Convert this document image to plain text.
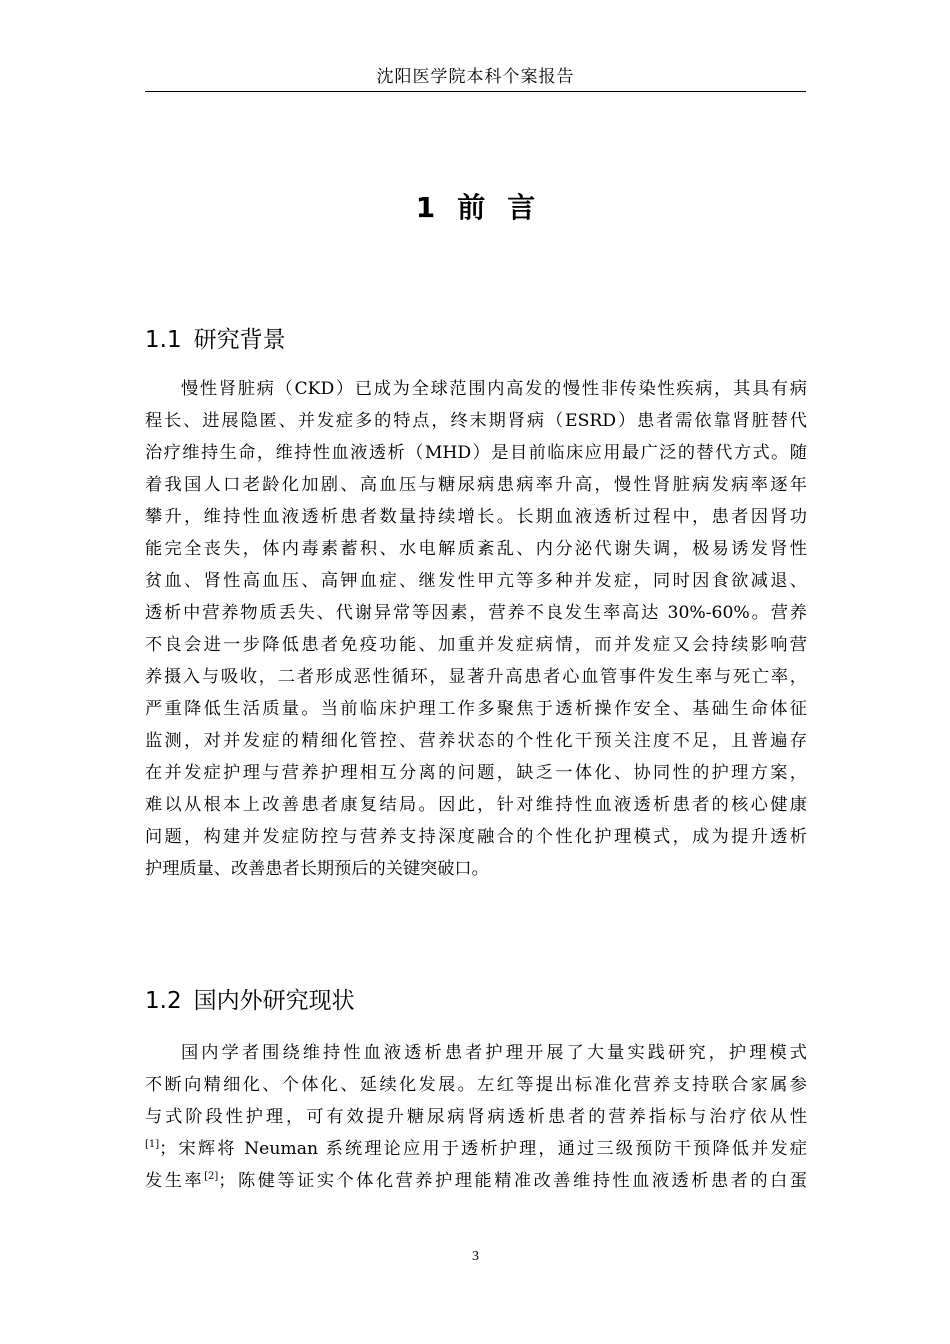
沈阳医学院本科个案报告
1 前言
1.1 研究背景
慢性肾脏病（CKD）已成为全球范围内高发的慢性非传染性疾病，其具有病
程长、进展隐匿、并发症多的特点，终末期肾病（ESRD）患者需依靠肾脏替代
治疗维持生命，维持性血液透析（MHD）是目前临床应用最广泛的替代方式。随
着我国人口老龄化加剧、高血压与糖尿病患病率升高，慢性肾脏病发病率逐年
攀升，维持性血液透析患者数量持续增长。长期血液透析过程中，患者因肾功
能完全丧失，体内毒素蓄积、水电解质紊乱、内分泌代谢失调，极易诱发肾性
贫血、肾性高血压、高钾血症、继发性甲亢等多种并发症，同时因食欲减退、
透析中营养物质丢失、代谢异常等因素，营养不良发生率高达 30%-60%。营养
不良会进一步降低患者免疫功能、加重并发症病情，而并发症又会持续影响营
养摄入与吸收，二者形成恶性循环，显著升高患者心血管事件发生率与死亡率，
严重降低生活质量。当前临床护理工作多聚焦于透析操作安全、基础生命体征
监测，对并发症的精细化管控、营养状态的个性化干预关注度不足，且普遍存
在并发症护理与营养护理相互分离的问题，缺乏一体化、协同性的护理方案，
难以从根本上改善患者康复结局。因此，针对维持性血液透析患者的核心健康
问题，构建并发症防控与营养支持深度融合的个性化护理模式，成为提升透析
护理质量、改善患者长期预后的关键突破口。
1.2 国内外研究现状
国内学者围绕维持性血液透析患者护理开展了大量实践研究，护理模式
不断向精细化、个体化、延续化发展。左红等提出标准化营养支持联合家属参
与式阶段性护理，可有效提升糖尿病肾病透析患者的营养指标与治疗依从性
[1]；宋辉将 Neuman 系统理论应用于透析护理，通过三级预防干预降低并发症
发生率[2]；陈健等证实个体化营养护理能精准改善维持性血液透析患者的白蛋
3
